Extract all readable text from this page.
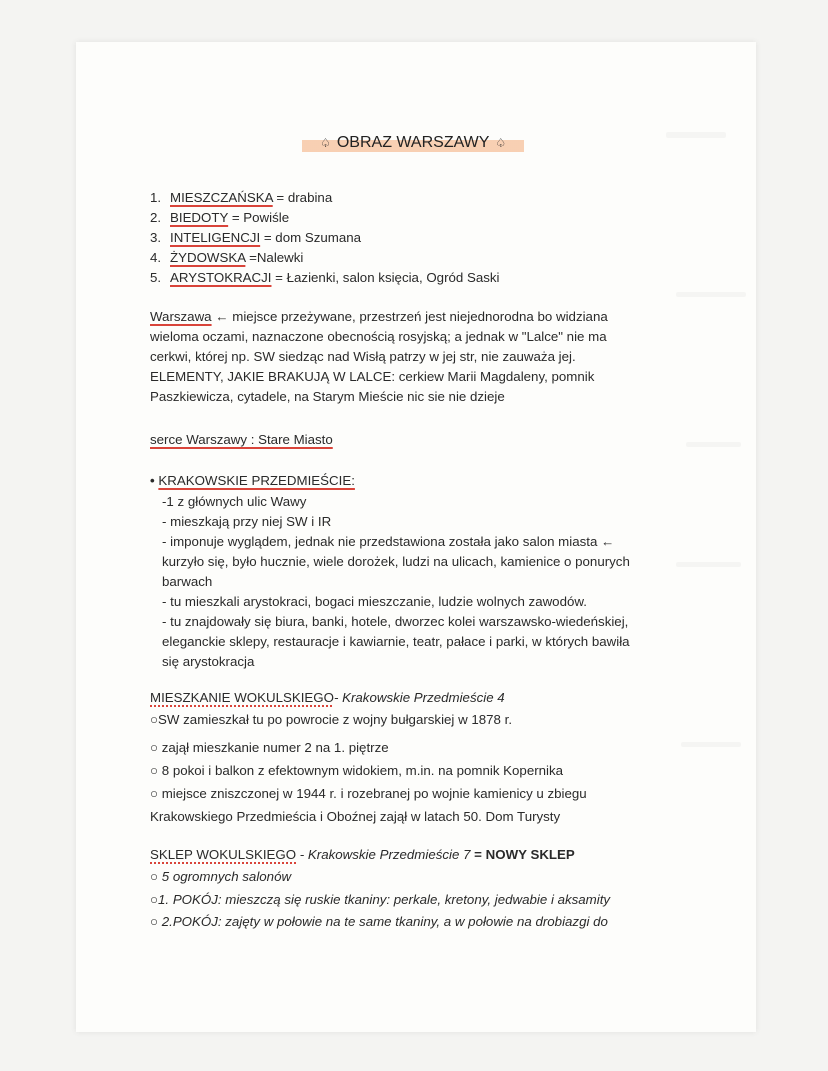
♤ OBRAZ WARSZAWY ♤
1. MIESZCZAŃSKA = drabina
2. BIEDOTY = Powiśle
3. INTELIGENCJI = dom Szumana
4. ŻYDOWSKA =Nalewki
5. ARYSTOKRACJI = Łazienki, salon księcia, Ogród Saski
Warszawa ← miejsce przeżywane, przestrzeń jest niejednorodna bo widziana
wieloma oczami, naznaczone obecnością rosyjską; a jednak w "Lalce" nie ma
cerkwi, której np. SW siedząc nad Wisłą patrzy w jej str, nie zauważa jej.
ELEMENTY, JAKIE BRAKUJĄ W LALCE: cerkiew Marii Magdaleny, pomnik
Paszkiewicza, cytadele, na Starym Mieście nic sie nie dzieje
serce Warszawy : Stare Miasto
• KRAKOWSKIE PRZEDMIEŚCIE:
-1 z głównych ulic Wawy
- mieszkają przy niej SW i IR
- imponuje wyglądem, jednak nie przedstawiona została jako salon miasta ←
kurzyło się, było hucznie, wiele dorożek, ludzi na ulicach, kamienice o ponurych
barwach
- tu mieszkali arystokraci, bogaci mieszczanie, ludzie wolnych zawodów.
- tu znajdowały się biura, banki, hotele, dworzec kolei warszawsko-wiedeńskiej,
eleganckie sklepy, restauracje i kawiarnie, teatr, pałace i parki, w których bawiła
się arystokracja
MIESZKANIE WOKULSKIEGO- Krakowskie Przedmieście 4
○SW zamieszkał tu po powrocie z wojny bułgarskiej w 1878 r.
○ zajął mieszkanie numer 2 na 1. piętrze
○ 8 pokoi i balkon z efektownym widokiem, m.in. na pomnik Kopernika
○ miejsce zniszczonej w 1944 r. i rozebranej po wojnie kamienicy u zbiegu
Krakowskiego Przedmieścia i Oboźnej zajął w latach 50. Dom Turysty
SKLEP WOKULSKIEGO - Krakowskie Przedmieście 7 = NOWY SKLEP
○ 5 ogromnych salonów
○1. POKÓJ: mieszczą się ruskie tkaniny: perkale, kretony, jedwabie i aksamity
○ 2.POKÓJ: zajęty w połowie na te same tkaniny, a w połowie na drobiazgi do
